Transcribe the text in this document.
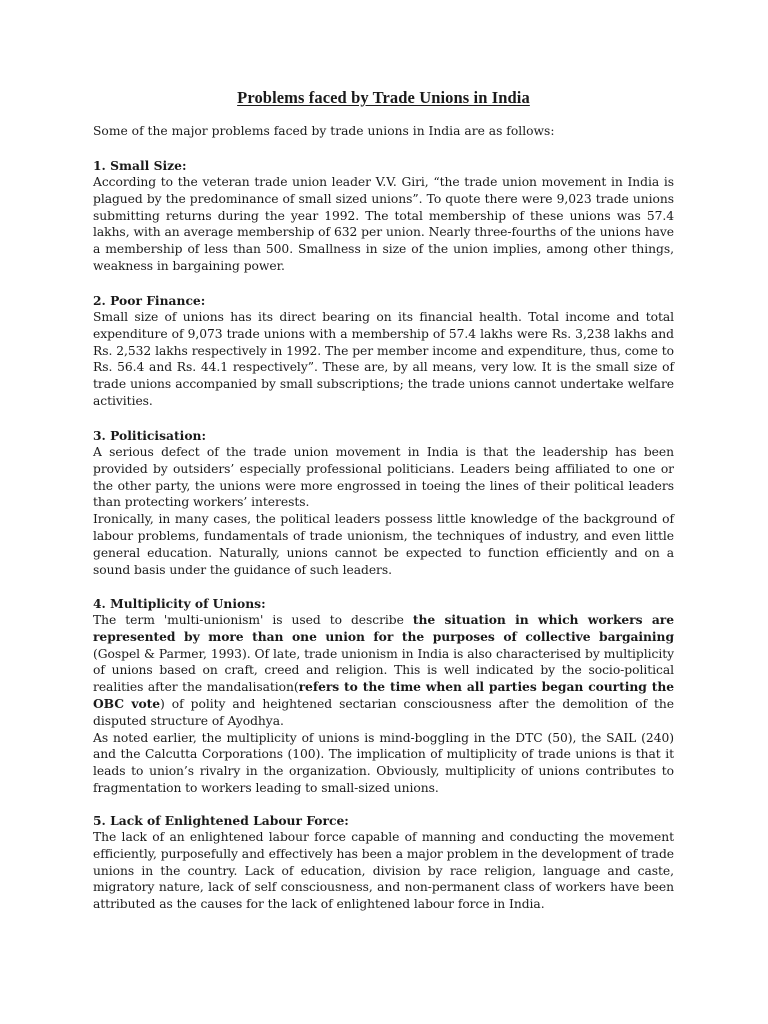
Problems faced by Trade Unions in India

Some of the major problems faced by trade unions in India are as follows:

1. Small Size:

According to the veteran trade union leader V.V. Giri, “the trade union movement in India is plagued by the predominance of small sized unions”. To quote there were 9,023 trade unions submitting returns during the year 1992. The total membership of these unions was 57.4 lakhs, with an average membership of 632 per union. Nearly three-fourths of the unions have a membership of less than 500. Smallness in size of the union implies, among other things, weakness in bargaining power.

2. Poor Finance:

Small size of unions has its direct bearing on its financial health. Total income and total expenditure of 9,073 trade unions with a membership of 57.4 lakhs were Rs. 3,238 lakhs and Rs. 2,532 lakhs respectively in 1992. The per member income and expenditure, thus, come to Rs. 56.4 and Rs. 44.1 respectively”. These are, by all means, very low. It is the small size of trade unions accompanied by small subscriptions; the trade unions cannot undertake welfare activities.

3. Politicisation:

A serious defect of the trade union movement in India is that the leadership has been provided by outsiders’ especially professional politicians. Leaders being affiliated to one or the other party, the unions were more engrossed in toeing the lines of their political leaders than protecting workers’ interests.

Ironically, in many cases, the political leaders possess little knowledge of the background of labour problems, fundamentals of trade unionism, the techniques of industry, and even little general education. Naturally, unions cannot be expected to function efficiently and on a sound basis under the guidance of such leaders.

4. Multiplicity of Unions:

The term 'multi-unionism' is used to describe the situation in which workers are represented by more than one union for the purposes of collective bargaining (Gospel & Parmer, 1993). Of late, trade unionism in India is also characterised by multiplicity of unions based on craft, creed and religion. This is well indicated by the socio-political realities after the mandalisation(refers to the time when all parties began courting the OBC vote) of polity and heightened sectarian consciousness after the demolition of the disputed structure of Ayodhya.

As noted earlier, the multiplicity of unions is mind-boggling in the DTC (50), the SAIL (240) and the Calcutta Corporations (100). The implication of multiplicity of trade unions is that it leads to union’s rivalry in the organization. Obviously, multiplicity of unions contributes to fragmentation to workers leading to small-sized unions.

5. Lack of Enlightened Labour Force:

The lack of an enlightened labour force capable of manning and conducting the movement efficiently, purposefully and effectively has been a major problem in the development of trade unions in the country. Lack of education, division by race religion, language and caste, migratory nature, lack of self consciousness, and non-permanent class of workers have been attributed as the causes for the lack of enlightened labour force in India.
